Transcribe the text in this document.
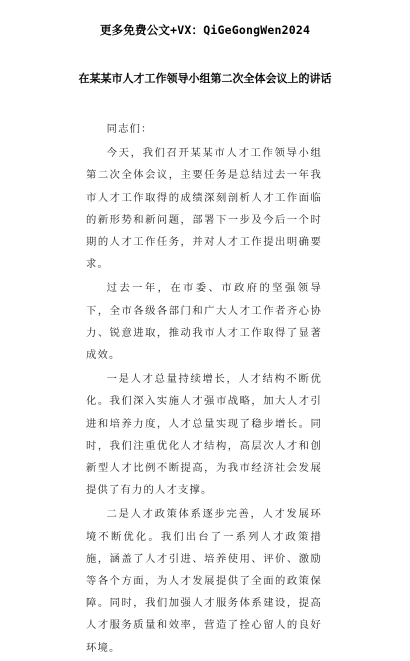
更多免费公文+VX：QiGeGongWen2024
在某某市人才工作领导小组第二次全体会议上的讲话

同志们：

今天，我们召开某某市人才工作领导小组第二次全体会议，主要任务是总结过去一年我市人才工作取得的成绩深刻剖析人才工作面临的新形势和新问题，部署下一步及今后一个时期的人才工作任务，并对人才工作提出明确要求。

过去一年，在市委、市政府的坚强领导下，全市各级各部门和广大人才工作者齐心协力、锐意进取，推动我市人才工作取得了显著成效。

一是人才总量持续增长，人才结构不断优化。我们深入实施人才强市战略，加大人才引进和培养力度，人才总量实现了稳步增长。同时，我们注重优化人才结构，高层次人才和创新型人才比例不断提高，为我市经济社会发展提供了有力的人才支撑。

二是人才政策体系逐步完善，人才发展环境不断优化。我们出台了一系列人才政策措施，涵盖了人才引进、培养使用、评价、激励等各个方面，为人才发展提供了全面的政策保障。同时，我们加强人才服务体系建设，提高人才服务质量和效率，营造了拴心留人的良好环境。
